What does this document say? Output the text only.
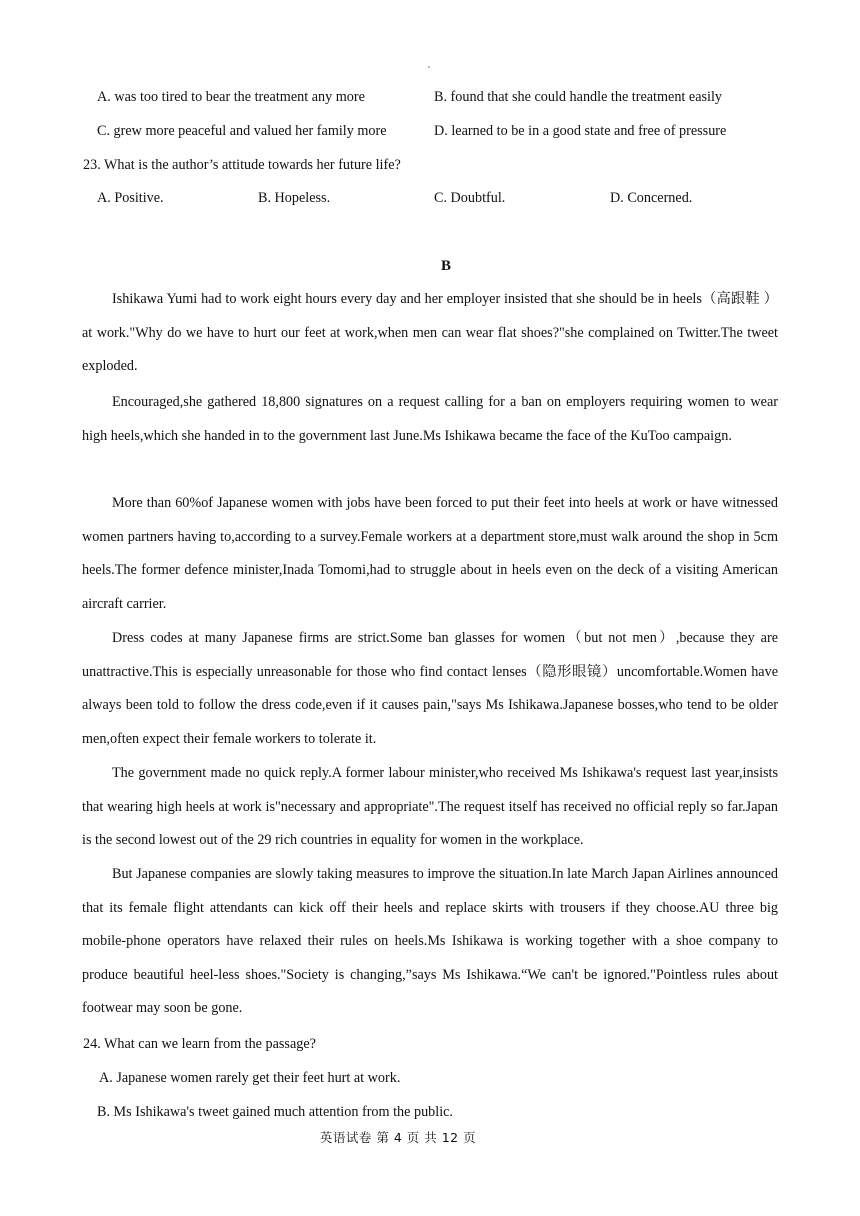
A. was too tired to bear the treatment any more	B. found that she could handle the treatment easily
C. grew more peaceful and valued her family more	D. learned to be in a good state and free of pressure
23. What is the author’s attitude towards her future life?
A. Positive.	B. Hopeless.	C. Doubtful.	D. Concerned.
B

Ishikawa Yumi had to work eight hours every day and her employer insisted that she should be in heels（高跟鞋 ）at work."Why do we have to hurt our feet at work,when men can wear flat shoes?"she complained on Twitter.The tweet exploded.

Encouraged,she gathered 18,800 signatures on a request calling for a ban on employers requiring women to wear high heels,which she handed in to the government last June.Ms Ishikawa became the face of the KuToo campaign.

More than 60%of Japanese women with jobs have been forced to put their feet into heels at work or have witnessed women partners having to,according to a survey.Female workers at a department store,must walk around the shop in 5cm heels.The former defence minister,Inada Tomomi,had to struggle about in heels even on the deck of a visiting American aircraft carrier.

Dress codes at many Japanese firms are strict.Some ban glasses for women（but not men）,because they are unattractive.This is especially unreasonable for those who find contact lenses（隐形眼镜）uncomfortable.Women have always been told to follow the dress code,even if it causes pain,"says Ms Ishikawa.Japanese bosses,who tend to be older men,often expect their female workers to tolerate it.

The government made no quick reply.A former labour minister,who received Ms Ishikawa's request last year,insists that wearing high heels at work is"necessary and appropriate".The request itself has received no official reply so far.Japan is the second lowest out of the 29 rich countries in equality for women in the workplace.

But Japanese companies are slowly taking measures to improve the situation.In late March Japan Airlines announced that its female flight attendants can kick off their heels and replace skirts with trousers if they choose.AU three big mobile-phone operators have relaxed their rules on heels.Ms Ishikawa is working together with a shoe company to produce beautiful heel-less shoes."Society is changing,”says Ms Ishikawa.“We can't be ignored."Pointless rules about footwear may soon be gone.

24. What can we learn from the passage?
A. Japanese women rarely get their feet hurt at work.
B. Ms Ishikawa's tweet gained much attention from the public.
英语试卷 第 4 页 共 12 页
